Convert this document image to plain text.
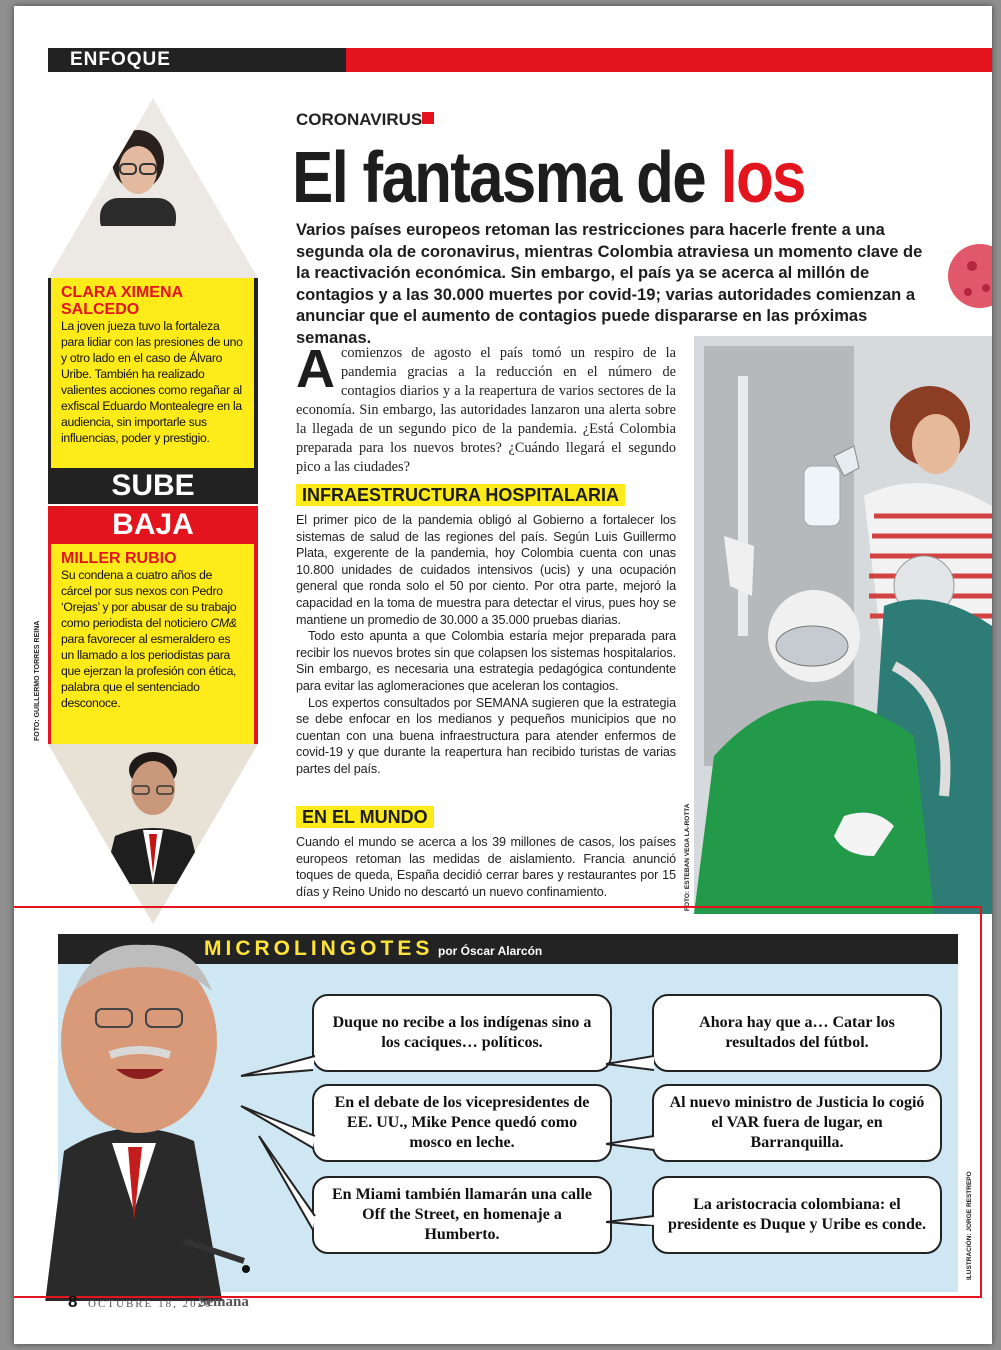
ENFOQUE
CLARA XIMENA SALCEDO
La joven jueza tuvo la fortaleza para lidiar con las presiones de uno y otro lado en el caso de Álvaro Uribe. También ha realizado valientes acciones como regañar al exfiscal Eduardo Montealegre en la audiencia, sin importarle sus influencias, poder y prestigio.
SUBE
BAJA
MILLER RUBIO
Su condena a cuatro años de cárcel por sus nexos con Pedro ‘Orejas’ y por abusar de su trabajo como periodista del noticiero CM& para favorecer al esmeraldero es un llamado a los periodistas para que ejerzan la profesión con ética, palabra que el sentenciado desconoce.
FOTO: GUILLERMO TORRES REINA
CORONAVIRUS
El fantasma de los
Varios países europeos retoman las restricciones para hacerle frente a una segunda ola de coronavirus, mientras Colombia atraviesa un momento clave de la reactivación económica. Sin embargo, el país ya se acerca al millón de contagios y a las 30.000 muertes por covid-19; varias autoridades comienzan a anunciar que el aumento de contagios puede dispararse en las próximas semanas.
Acomienzos de agosto el país tomó un respiro de la pandemia gracias a la reducción en el número de contagios diarios y a la reapertura de varios sectores de la economía. Sin embargo, las autoridades lanzaron una alerta sobre la llegada de un segundo pico de la pandemia. ¿Está Colombia preparada para los nuevos brotes? ¿Cuándo llegará el segundo pico a las ciudades?
INFRAESTRUCTURA HOSPITALARIA

El primer pico de la pandemia obligó al Gobierno a fortalecer los sistemas de salud de las regiones del país. Según Luis Guillermo Plata, exgerente de la pandemia, hoy Colombia cuenta con unas 10.800 unidades de cuidados intensivos (ucis) y una ocupación general que ronda solo el 50 por ciento. Por otra parte, mejoró la capacidad en la toma de muestra para detectar el virus, pues hoy se mantiene un promedio de 30.000 a 35.000 pruebas diarias.

Todo esto apunta a que Colombia estaría mejor preparada para recibir los nuevos brotes sin que colapsen los sistemas hospitalarios. Sin embargo, es necesaria una estrategia pedagógica contundente para evitar las aglomeraciones que aceleran los contagios.

Los expertos consultados por SEMANA sugieren que la estrategia se debe enfocar en los medianos y pequeños municipios que no cuentan con una buena infraestructura para atender enfermos de covid-19 y que durante la reapertura han recibido turistas de varias partes del país.

EN EL MUNDO
Cuando el mundo se acerca a los 39 millones de casos, los países europeos retoman las medidas de aislamiento. Francia anunció toques de queda, España decidió cerrar bares y restaurantes por 15 días y Reino Unido no descartó un nuevo confinamiento.	FOTO: ESTEBAN VEGA LA-ROTTA
MICROLINGOTES por Óscar Alarcón
Duque no recibe a los indígenas sino a los caciques… políticos.
Ahora hay que a… Catar los resultados del fútbol.
En el debate de los vicepresidentes de EE. UU., Mike Pence quedó como mosco en leche.
Al nuevo ministro de Justicia lo cogió el VAR fuera de lugar, en Barranquilla.
En Miami también llamarán una calle Off the Street, en homenaje a Humberto.
La aristocracia colombiana: el presidente es Duque y Uribe es conde.	ILUSTRACIÓN: JORGE RESTREPO
8 OCTUBRE 18, 2020
Semana
